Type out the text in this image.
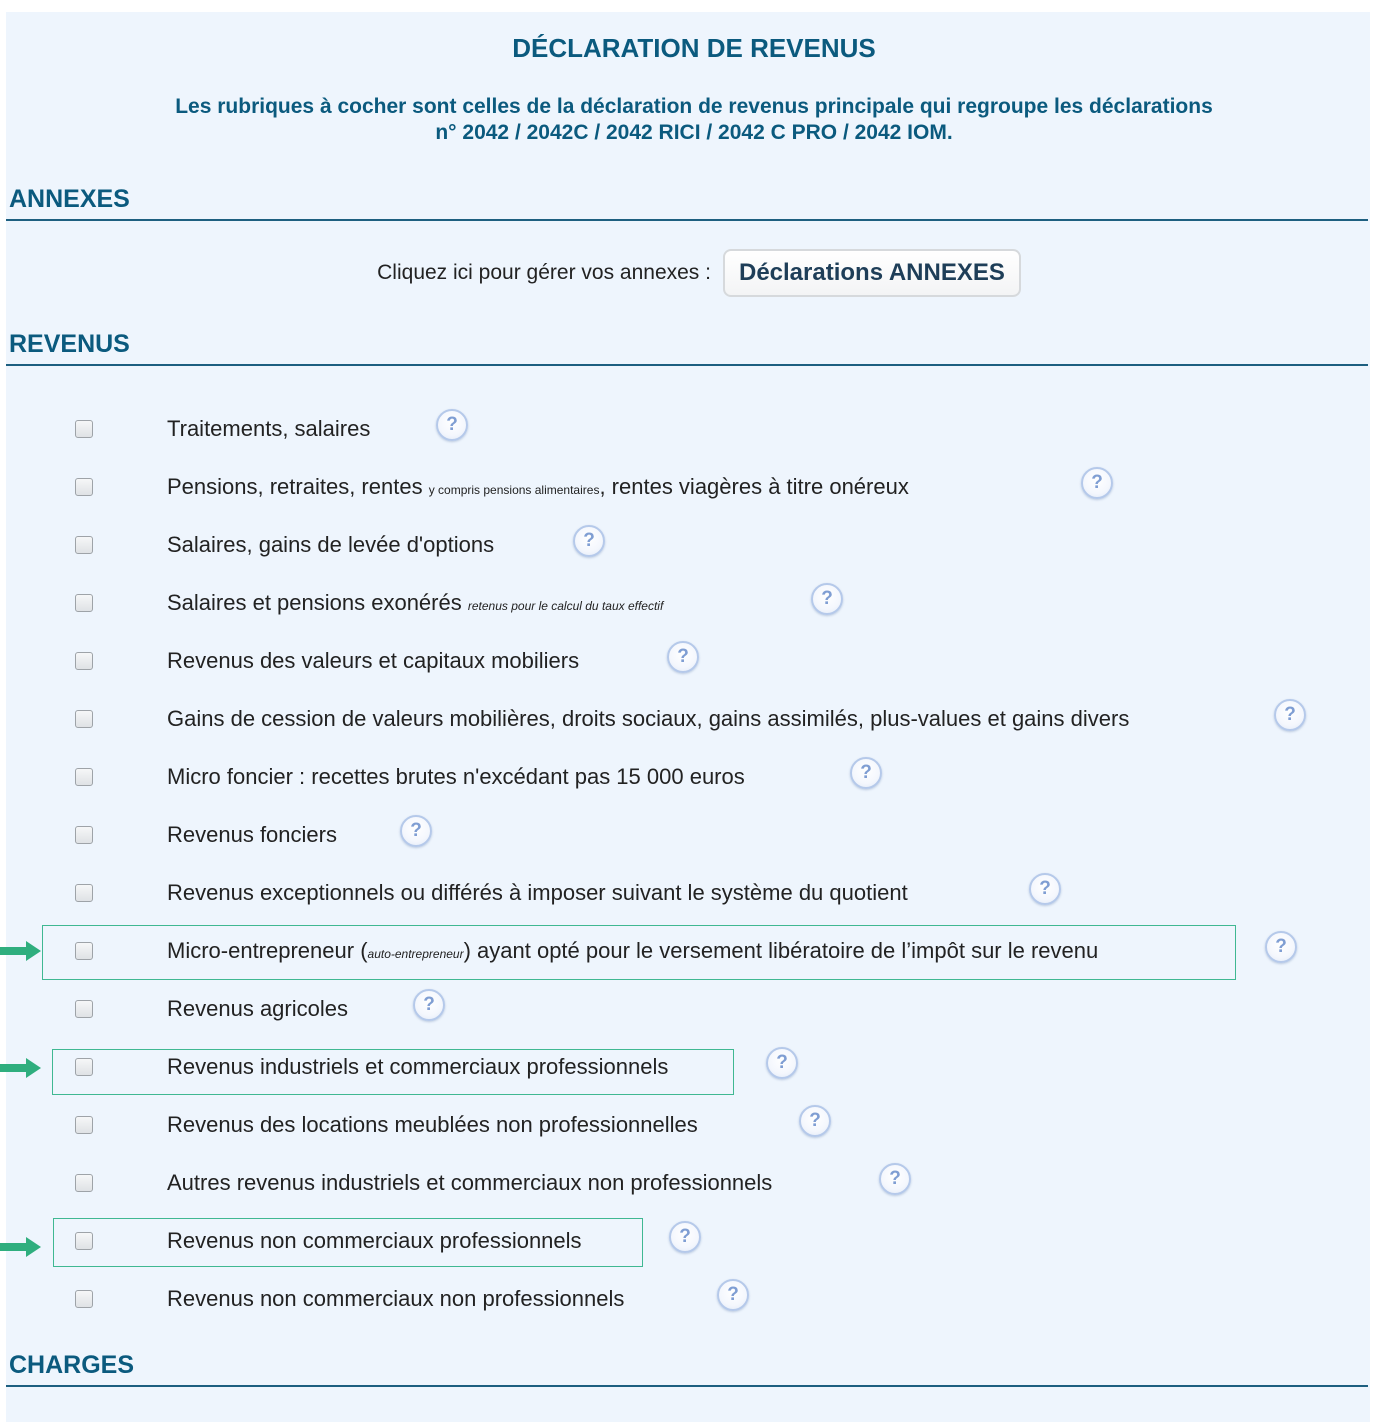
DÉCLARATION DE REVENUS
Les rubriques à cocher sont celles de la déclaration de revenus principale qui regroupe les déclarations
n° 2042 / 2042C / 2042 RICI / 2042 C PRO / 2042 IOM.
ANNEXES
Cliquez ici pour gérer vos annexes :	Déclarations ANNEXES
REVENUS
Traitements, salaires	?
Pensions, retraites, rentes y compris pensions alimentaires, rentes viagères à titre onéreux	?
Salaires, gains de levée d'options	?
Salaires et pensions exonérés retenus pour le calcul du taux effectif	?
Revenus des valeurs et capitaux mobiliers	?
Gains de cession de valeurs mobilières, droits sociaux, gains assimilés, plus-values et gains divers	?
Micro foncier : recettes brutes n'excédant pas 15 000 euros	?
Revenus fonciers	?
Revenus exceptionnels ou différés à imposer suivant le système du quotient	?
Micro-entrepreneur (auto-entrepreneur) ayant opté pour le versement libératoire de l’impôt sur le revenu	?
Revenus agricoles	?
Revenus industriels et commerciaux professionnels	?
Revenus des locations meublées non professionnelles	?
Autres revenus industriels et commerciaux non professionnels	?
Revenus non commerciaux professionnels	?
Revenus non commerciaux non professionnels	?
CHARGES
